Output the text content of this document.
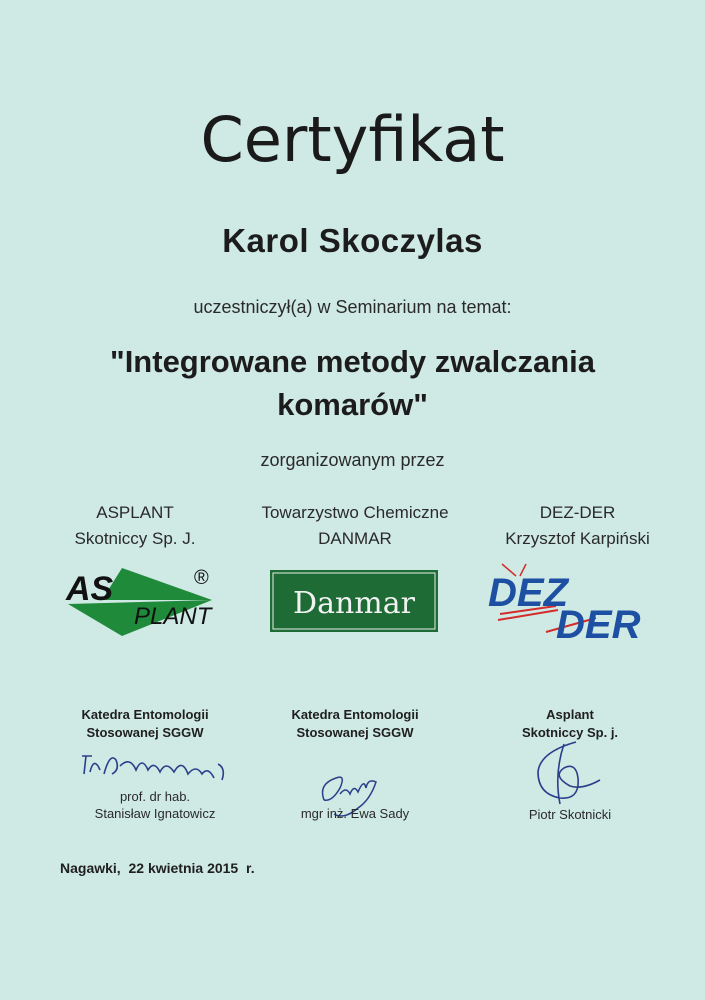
Certyfikat
Karol Skoczylas
uczestniczył(a) w Seminarium na temat:
"Integrowane metody zwalczania komarów"
zorganizowanym przez
ASPLANT
Skotniccy Sp. J.
Towarzystwo Chemiczne
DANMAR
DEZ-DER
Krzysztof Karpiński
AS
PLANT
®
Danmar DEZ
DER
Katedra Entomologii
Stosowanej SGGW
Katedra Entomologii
Stosowanej SGGW
Asplant
Skotniccy Sp. j.
prof. dr hab.
Stanisław Ignatowicz	mgr inż. Ewa Sady	Piotr Skotnicki
Nagawki, 22 kwietnia 2015 r.
